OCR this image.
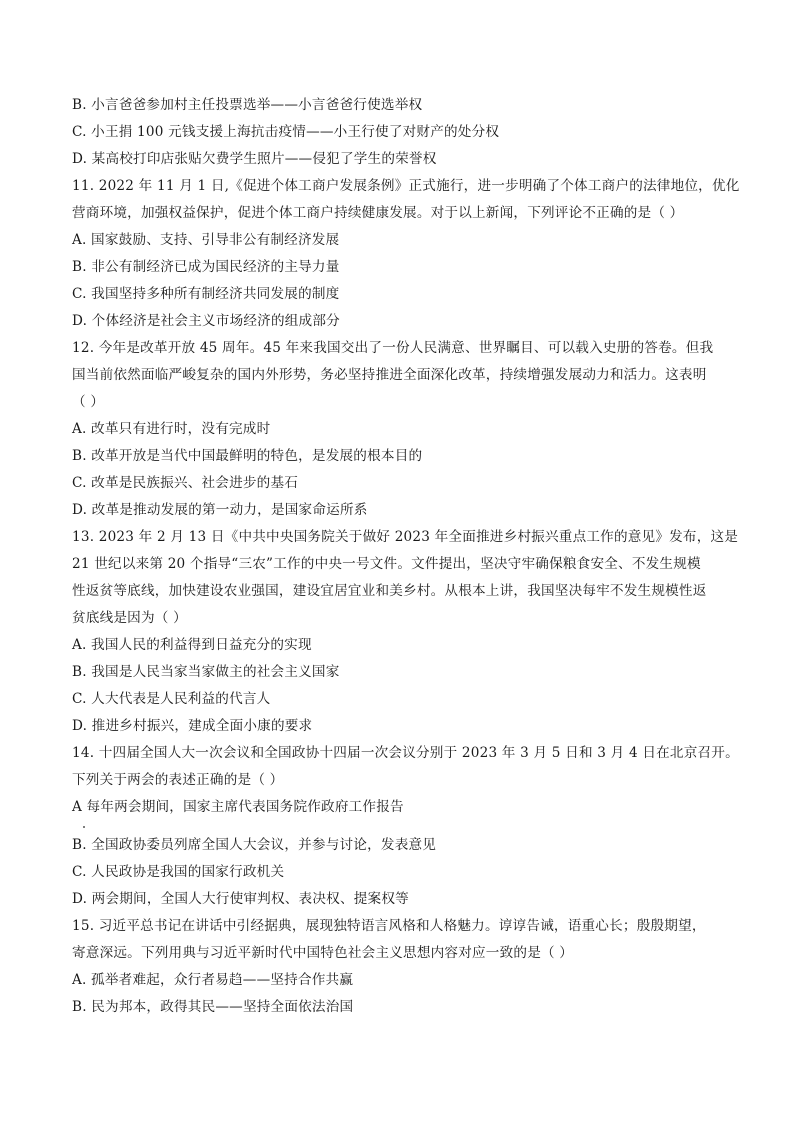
B. 小言爸爸参加村主任投票选举——小言爸爸行使选举权
C. 小王捐 100 元钱支援上海抗击疫情——小王行使了对财产的处分权
D. 某高校打印店张贴欠费学生照片——侵犯了学生的荣誉权
11. 2022 年 11 月 1 日,《促进个体工商户发展条例》正式施行，进一步明确了个体工商户的法律地位，优化
营商环境，加强权益保护，促进个体工商户持续健康发展。对于以上新闻，下列评论不正确的是（ ）
A. 国家鼓励、支持、引导非公有制经济发展
B. 非公有制经济已成为国民经济的主导力量
C. 我国坚持多种所有制经济共同发展的制度
D. 个体经济是社会主义市场经济的组成部分
12. 今年是改革开放 45 周年。45 年来我国交出了一份人民满意、世界瞩目、可以载入史册的答卷。但我
国当前依然面临严峻复杂的国内外形势，务必坚持推进全面深化改革，持续增强发展动力和活力。这表明
（ ）
A. 改革只有进行时，没有完成时
B. 改革开放是当代中国最鲜明的特色，是发展的根本目的
C. 改革是民族振兴、社会进步的基石
D. 改革是推动发展的第一动力，是国家命运所系
13. 2023 年 2 月 13 日《中共中央国务院关于做好 2023 年全面推进乡村振兴重点工作的意见》发布，这是
21 世纪以来第 20 个指导“三农”工作的中央一号文件。文件提出，坚决守牢确保粮食安全、不发生规模
性返贫等底线，加快建设农业强国，建设宜居宜业和美乡村。从根本上讲，我国坚决每牢不发生规模性返
贫底线是因为（ ）
A. 我国人民的利益得到日益充分的实现
B. 我国是人民当家当家做主的社会主义国家
C. 人大代表是人民利益的代言人
D. 推进乡村振兴，建成全面小康的要求
14. 十四届全国人大一次会议和全国政协十四届一次会议分别于 2023 年 3 月 5 日和 3 月 4 日在北京召开。
下列关于两会的表述正确的是（ ）
A 每年两会期间，国家主席代表国务院作政府工作报告
B. 全国政协委员列席全国人大会议，并参与讨论，发表意见
C. 人民政协是我国的国家行政机关
D. 两会期间，全国人大行使审判权、表决权、提案权等
15. 习近平总书记在讲话中引经据典，展现独特语言风格和人格魅力。谆谆告诫，语重心长；殷殷期望，
寄意深远。下列用典与习近平新时代中国特色社会主义思想内容对应一致的是（ ）
A. 孤举者难起，众行者易趋——坚持合作共赢
B. 民为邦本，政得其民——坚持全面依法治国
